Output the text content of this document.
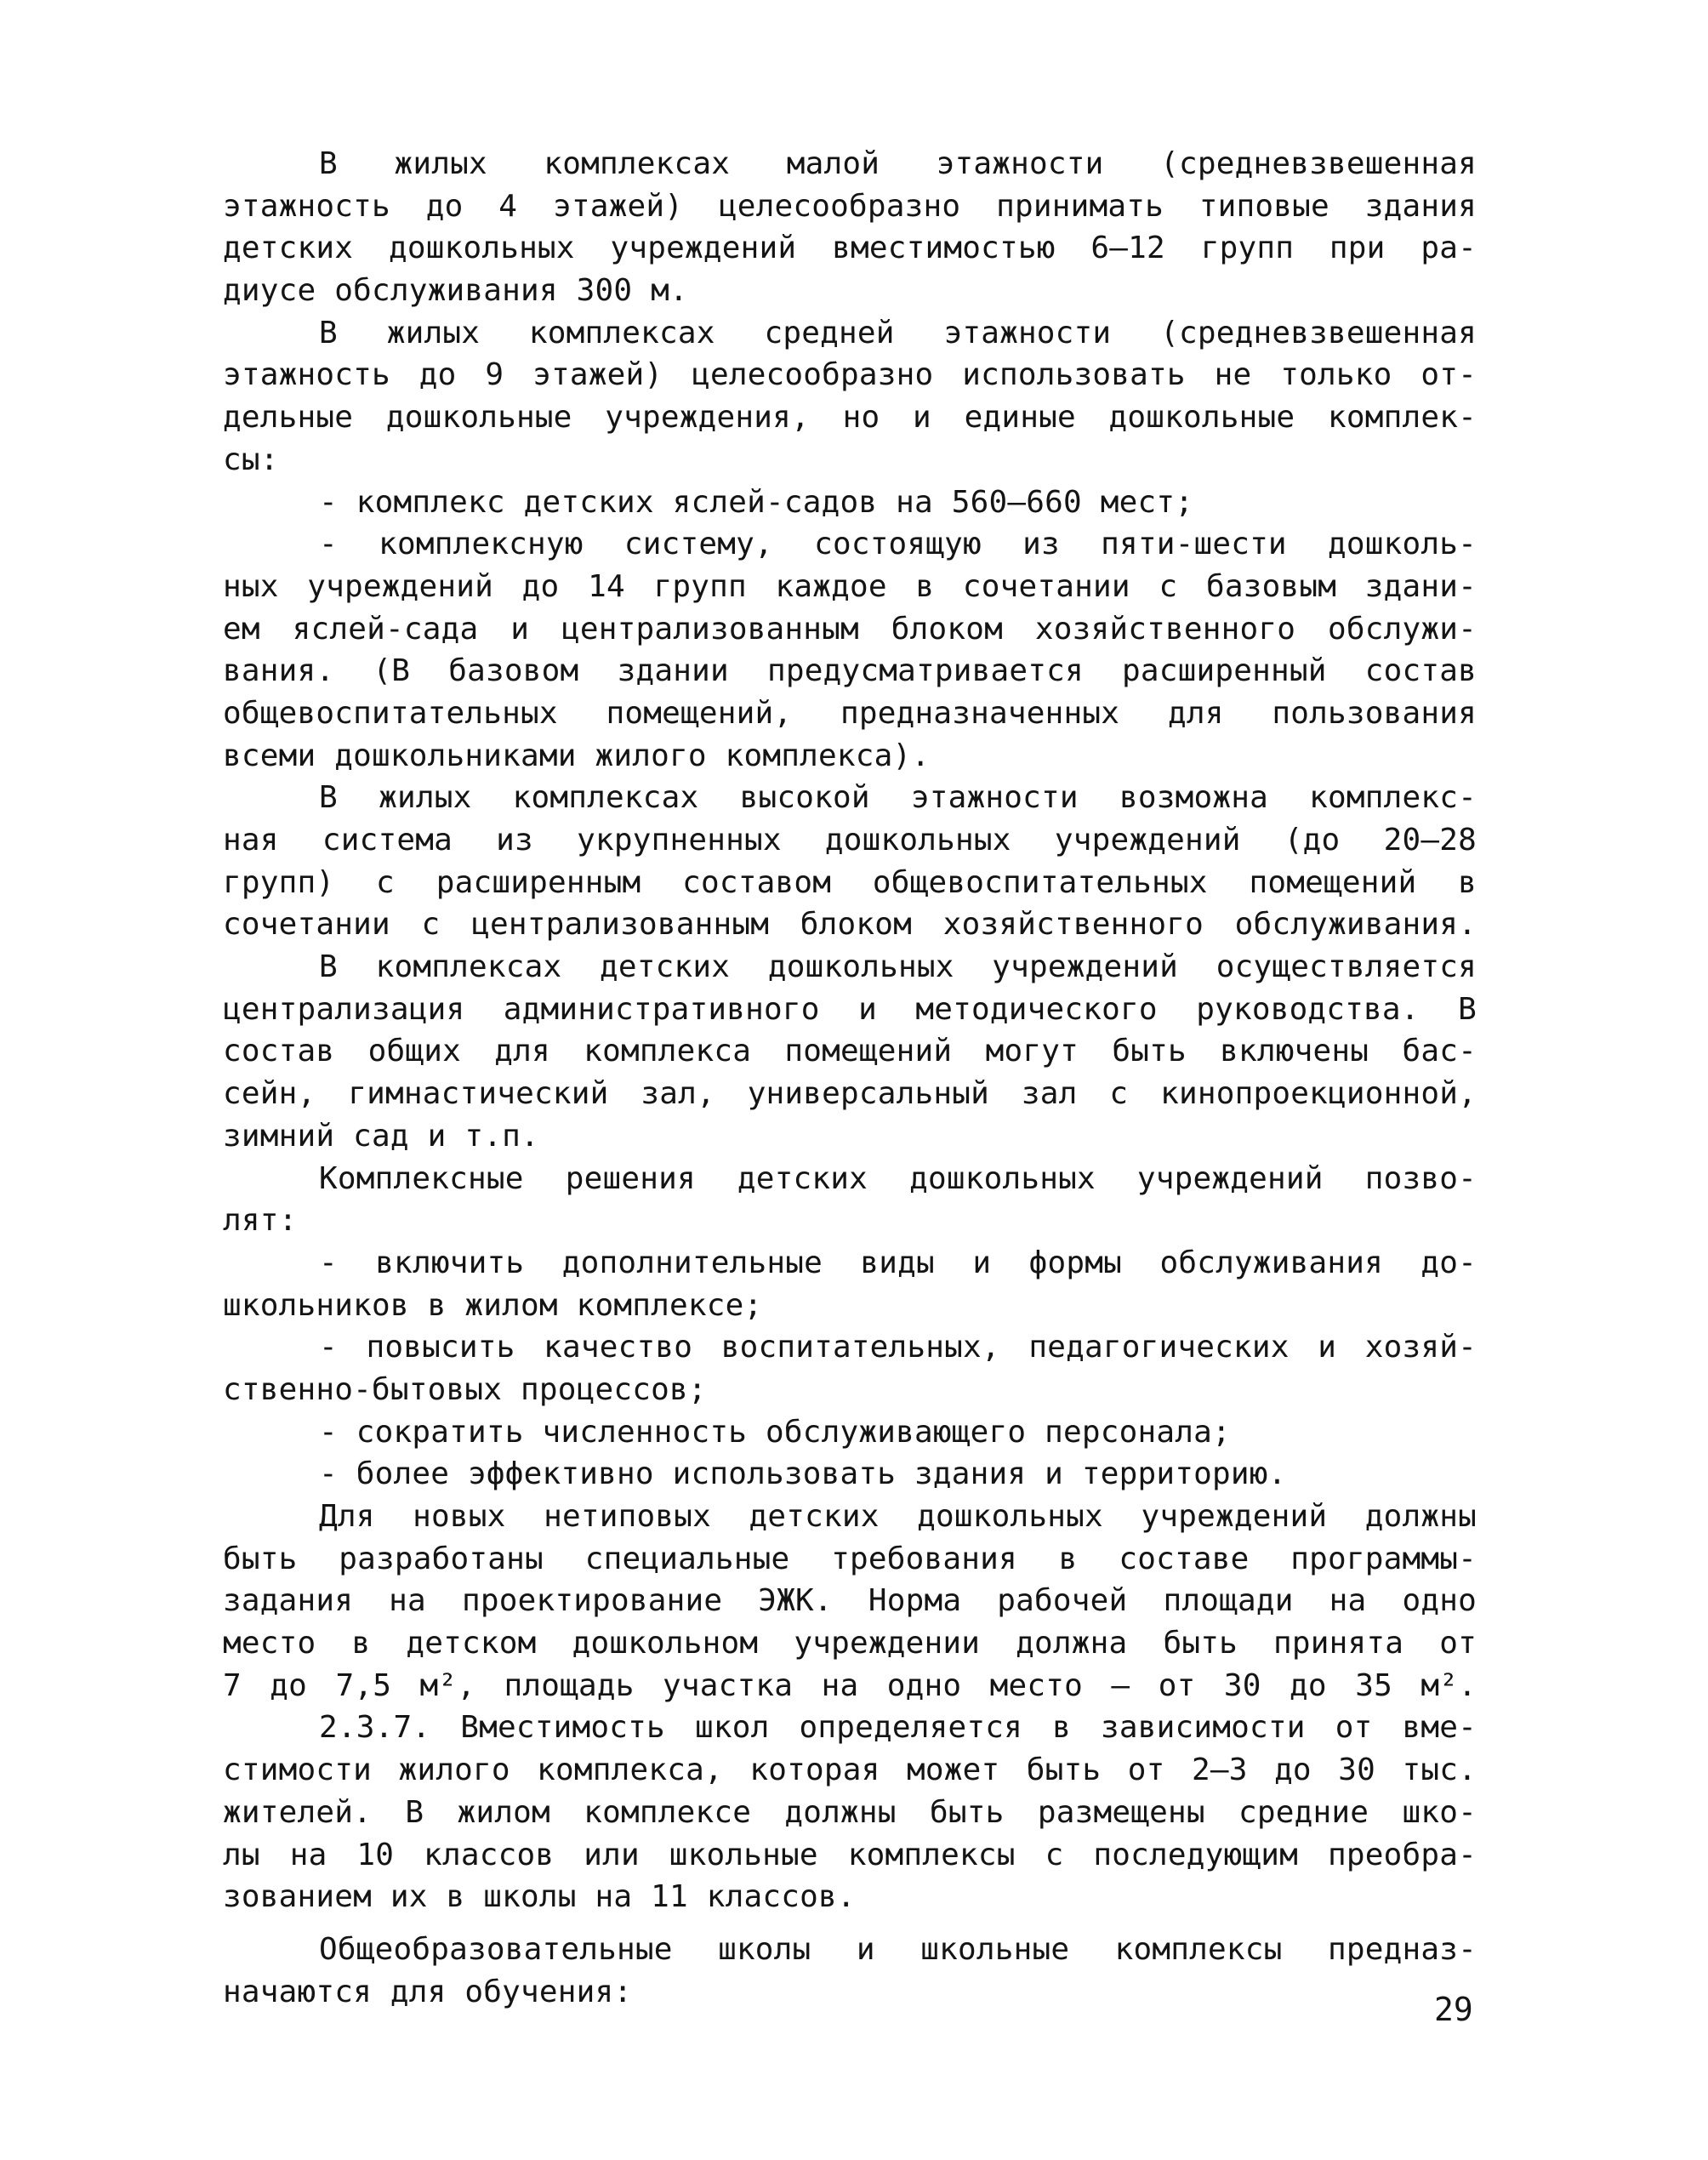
В жилых комплексах малой этажности (средневзвешенная
этажность до 4 этажей) целесообразно принимать типовые здания
детских дошкольных учреждений вместимостью 6–12 групп при ра-
диусе обслуживания 300 м.
В жилых комплексах средней этажности (средневзвешенная
этажность до 9 этажей) целесообразно использовать не только от-
дельные дошкольные учреждения, но и единые дошкольные комплек-
сы:
- комплекс детских яслей-садов на 560–660 мест;
- комплексную систему, состоящую из пяти-шести дошколь-
ных учреждений до 14 групп каждое в сочетании с базовым здани-
ем яслей-сада и централизованным блоком хозяйственного обслужи-
вания. (В базовом здании предусматривается расширенный состав
общевоспитательных помещений, предназначенных для пользования
всеми дошкольниками жилого комплекса).
В жилых комплексах высокой этажности возможна комплекс-
ная система из укрупненных дошкольных учреждений (до 20–28
групп) с расширенным составом общевоспитательных помещений в
сочетании с централизованным блоком хозяйственного обслуживания.
В комплексах детских дошкольных учреждений осуществляется
централизация административного и методического руководства. В
состав общих для комплекса помещений могут быть включены бас-
сейн, гимнастический зал, универсальный зал с кинопроекционной,
зимний сад и т.п.
Комплексные решения детских дошкольных учреждений позво-
лят:
- включить дополнительные виды и формы обслуживания до-
школьников в жилом комплексе;
- повысить качество воспитательных, педагогических и хозяй-
ственно-бытовых процессов;
- сократить численность обслуживающего персонала;
- более эффективно использовать здания и территорию.
Для новых нетиповых детских дошкольных учреждений должны
быть разработаны специальные требования в составе программы-
задания на проектирование ЭЖК. Норма рабочей площади на одно
место в детском дошкольном учреждении должна быть принята от
7 до 7,5 м², площадь участка на одно место – от 30 до 35 м².
2.3.7. Вместимость школ определяется в зависимости от вме-
стимости жилого комплекса, которая может быть от 2–3 до 30 тыс.
жителей. В жилом комплексе должны быть размещены средние шко-
лы на 10 классов или школьные комплексы с последующим преобра-
зованием их в школы на 11 классов.
Общеобразовательные школы и школьные комплексы предназ-
начаются для обучения:	29
